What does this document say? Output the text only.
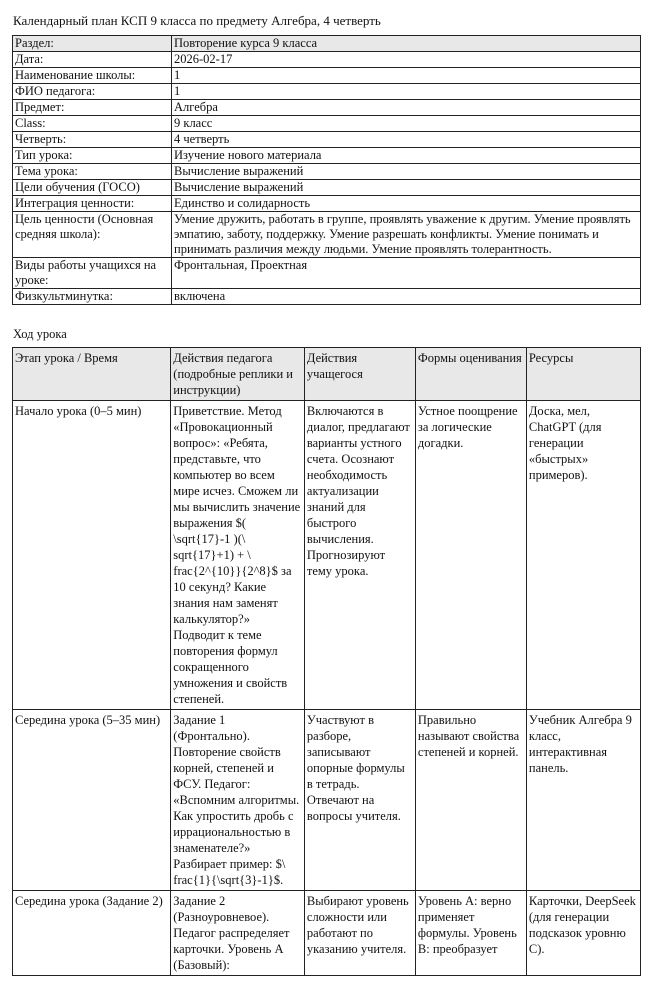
Календарный план КСП 9 класса по предмету Алгебра, 4 четверть
Раздел:	Повторение курса 9 класса
Дата:	2026-02-17
Наименование школы:	1
ФИО педагога:	1
Предмет:	Алгебра
Class:	9 класс
Четверть:	4 четверть
Тип урока:	Изучение нового материала
Тема урока:	Вычисление выражений
Цели обучения (ГОСО)	Вычисление выражений
Интеграция ценности:	Единство и солидарность
Цель ценности (Основная средняя школа):	Умение дружить, работать в группе, проявлять уважение к другим. Умение проявлять эмпатию, заботу, поддержку. Умение разрешать конфликты. Умение понимать и принимать различия между людьми. Умение проявлять толерантность.
Виды работы учащихся на уроке:	Фронтальная, Проектная
Физкультминутка:	включена
Ход урока
Этап урока / Время	Действия педагога (подробные реплики и инструкции)	Действия учащегося	Формы оценивания	Ресурсы
Начало урока (0–5 мин)	Приветствие. Метод «Провокационный вопрос»: «Ребята, представьте, что компьютер во всем мире исчез. Сможем ли мы вычислить значение выражения $( \sqrt{17}-1 )(\ sqrt{17}+1) + \ frac{2^{10}}{2^8}$ за 10 секунд? Какие знания нам заменят калькулятор?» Подводит к теме повторения формул сокращенного умножения и свойств степеней.	Включаются в диалог, предлагают варианты устного счета. Осознают необходимость актуализации знаний для быстрого вычисления. Прогнозируют тему урока.	Устное поощрение за логические догадки.	Доска, мел, ChatGPT (для генерации «быстрых» примеров).
Середина урока (5–35 мин)	Задание 1 (Фронтально). Повторение свойств корней, степеней и ФСУ. Педагог: «Вспомним алгоритмы. Как упростить дробь с иррациональностью в знаменателе?» Разбирает пример: $\ frac{1}{\sqrt{3}-1}$.	Участвуют в разборе, записывают опорные формулы в тетрадь. Отвечают на вопросы учителя.	Правильно называют свойства степеней и корней.	Учебник Алгебра 9 класс, интерактивная панель.
Середина урока (Задание 2)	Задание 2 (Разноуровневое). Педагог распределяет карточки. Уровень А (Базовый):	Выбирают уровень сложности или работают по указанию учителя.	Уровень А: верно применяет формулы. Уровень В: преобразует	Карточки, DeepSeek (для генерации подсказок уровню С).
